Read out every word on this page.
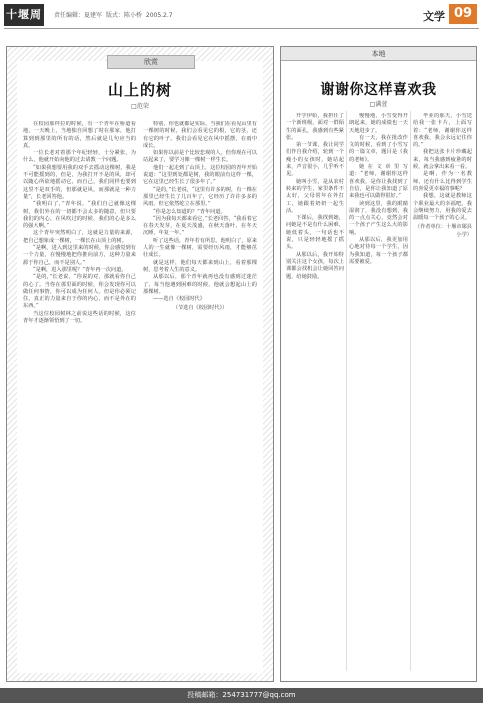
十堰周刊
责任编辑：夏建军 版式：陈小桥 2005.2.7	文学 09
欣赏
山上的树
□范荣

在校园那样拉的时候，有一个青年在桥道看地，一天晚上，当地独自回想了时在那家，他打算到到那里的所有的话，然后就是几句应当的真。

一位长老对着那个年纪轻轻，十分紧张，为什么，他就开始向他的过去请教一个问题。

“如果我想要用我的双手去摇动这棵树，我是不可能摇到的，但是，为我打开不是的风，却可以随心所欲地摇动它，而自己，我们同样也要到这里不是双手的，但那就是风，而那就是一种力量”，长老回答他。

“我明白了，”青年说，“我们自己就像这棵树，我们外在的一切都不会太多的随意，但只要我们的内心，在风吹过的时候，我们的心是多么的强大啊。”

这个青年突然明白了，这就是力量的来源，把自己想象成一棵树，一棵长在山顶上的树。

“是啊，进入到这里来的时候，你会感觉到有一个力量，在慢慢地把你推向前方，这种力量来源于你自己，而不是别人。”

“是啊，进入那里呢？”青年再一次问道。

“是的，”长老说，“你说的对，那就看你自己的心了。当你在那里面的时候，你会发现你可以做任何事情，你可以成为任何人。但是你必须记住，真正的力量来自于你的内心，而不是外在的东西。”

当这位校园树林之前说这些话的时候，这位青年才逐渐领悟到了一切。

特别，你也就都是实际。当我们在看见山里有一棵树的时候，我们会看见它的根，它的茎，还有它的叶子。我们会看见它在风中摇摆，在雨中成长。

如果你以前是个比较悲观的人，但你现在可以站起来了，要学习像一棵树一样生长。

他们一起走到了山顶上，这位校园的青年开始说道：“这里到处都是树，我的眼前有这样一棵，它在这里已经生长了很多年了。”

“是的，”长老说，“这里有许多的树，有一棵在那里已经生长了几百年了，它经历了许许多多的风雨，但它依然屹立在那里。”

“你是怎么知道的？”青年问道。

“因为我每天都来看它，”长老回答，“我看着它在春天发芽，在夏天茂盛，在秋天落叶，在冬天沉睡，年复一年。”

听了这些话，青年若有所思。他明白了，原来人的一生就像一棵树，需要经历风雨，才能够茁壮成长。

就是这样，他们每天都来到山上，看着那棵树，思考着人生的意义。

从那以后，那个青年就再也没有感到过迷茫了，每当他遇到困难的时候，他就会想起山上的那棵树。

——选自《校园时代》

（节选自《校园时代》）

本地
谢谢你这样喜欢我
□满萱

开学伊始，我担任了一个新班级，面对一群陌生的面孔，我感到有些紧张。

第一节课，我让同学们作自我介绍，轮到一个瘦小的女孩时，她站起来，声音很小，几乎听不见。

她叫小雪，是从农村转来的学生，家里条件不太好，父母常年在外打工，她跟着奶奶一起生活。

下课后，我找到她，问她是不是有什么困难，她低着头，一句话也不说，只是轻轻地摇了摇头。

从那以后，我开始特别关注这个女孩，每次上课都会找机会让她回答问题，给她鼓励。

慢慢地，小雪变得开朗起来，她的成绩也一天天地进步了。

有一天，我在批改作文的时候，看到了小雪写的一篇文章，题目是《我的老师》。

她在文章里写道：“老师，谢谢你这样喜欢我，是你让我找到了自信，是你让我知道了原来我也可以做得很好。”

读到这里，我的眼睛湿润了，我没有想到，我的一点点关心，竟然会对一个孩子产生这么大的影响。

从那以后，我更加用心地对待每一个学生，因为我知道，每一个孩子都需要被爱。

毕业的那天，小雪送给我一张卡片，上面写着：“老师，谢谢你这样喜欢我，我会永远记住你的。”

我把这张卡片珍藏起来，每当我感到疲惫的时候，就会拿出来看一看。

是啊，作为一名教师，还有什么比得到学生的喜爱更幸福的事呢？

我想，这就是教师这个职业最大的幸福吧。我会继续努力，用我的爱去温暖每一个孩子的心灵。

（作者单位：十堰市郧县小学）

投稿邮箱：254731777@qq.com
